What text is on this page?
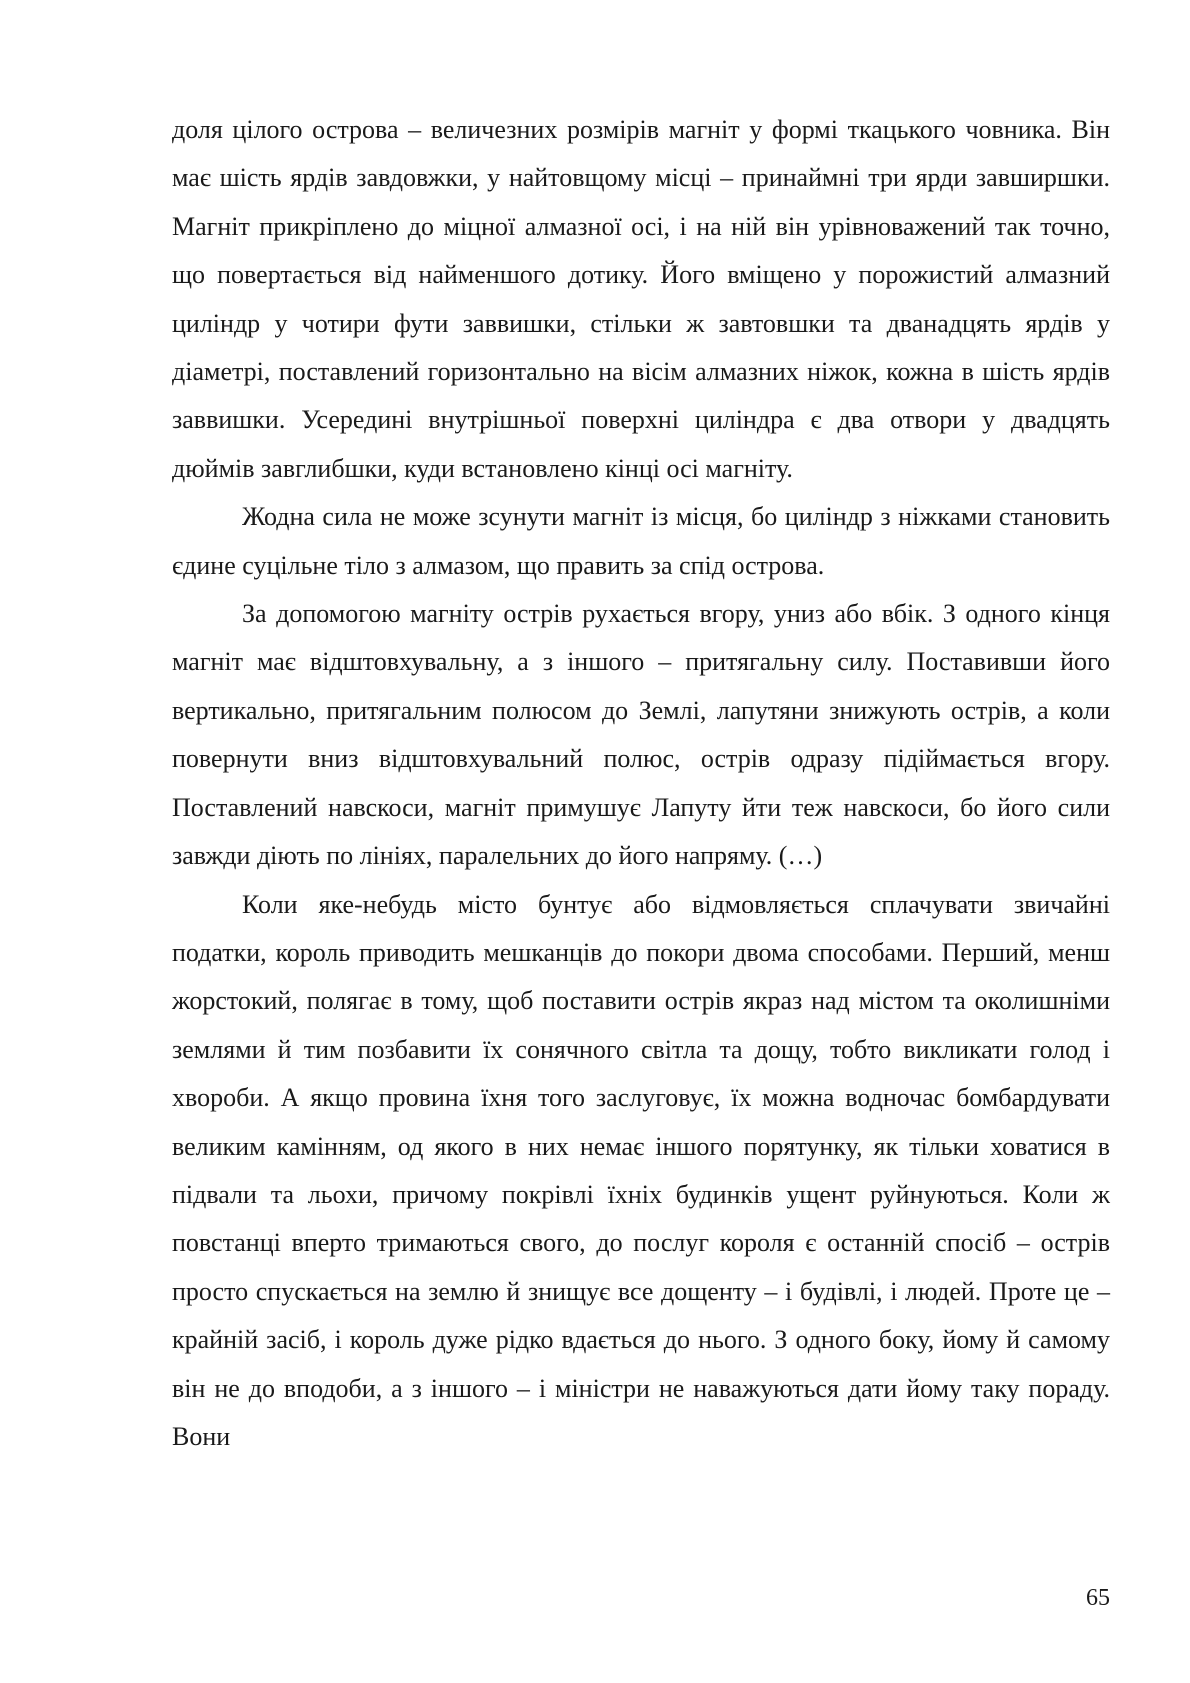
доля цілого острова – величезних розмірів магніт у формі ткацького човника. Він має шість ярдів завдовжки, у найтовщому місці – принаймні три ярди завширшки. Магніт прикріплено до міцної алмазної осі, і на ній він урівноважений так точно, що повертається від найменшого дотику. Його вміщено у порожистий алмазний циліндр у чотири фути заввишки, стільки ж завтовшки та дванадцять ярдів у діаметрі, поставлений горизонтально на вісім алмазних ніжок, кожна в шість ярдів заввишки. Усередині внутрішньої поверхні циліндра є два отвори у двадцять дюймів завглибшки, куди встановлено кінці осі магніту.

Жодна сила не може зсунути магніт із місця, бо циліндр з ніжками становить єдине суцільне тіло з алмазом, що править за спід острова.

За допомогою магніту острів рухається вгору, униз або вбік. З одного кінця магніт має відштовхувальну, а з іншого – притягальну силу. Поставивши його вертикально, притягальним полюсом до Землі, лапутяни знижують острів, а коли повернути вниз відштовхувальний полюс, острів одразу підіймається вгору. Поставлений навскоси, магніт примушує Лапуту йти теж навскоси, бо його сили завжди діють по лініях, паралельних до його напряму. (…)

Коли яке-небудь місто бунтує або відмовляється сплачувати звичайні податки, король приводить мешканців до покори двома способами. Перший, менш жорстокий, полягає в тому, щоб поставити острів якраз над містом та околишніми землями й тим позбавити їх сонячного світла та дощу, тобто викликати голод і хвороби. А якщо провина їхня того заслуговує, їх можна водночас бомбардувати великим камінням, од якого в них немає іншого порятунку, як тільки ховатися в підвали та льохи, причому покрівлі їхніх будинків ущент руйнуються. Коли ж повстанці вперто тримаються свого, до послуг короля є останній спосіб – острів просто спускається на землю й знищує все дощенту – і будівлі, і людей. Проте це – крайній засіб, і король дуже рідко вдається до нього. З одного боку, йому й самому він не до вподоби, а з іншого – і міністри не наважуються дати йому таку пораду. Вони

65
